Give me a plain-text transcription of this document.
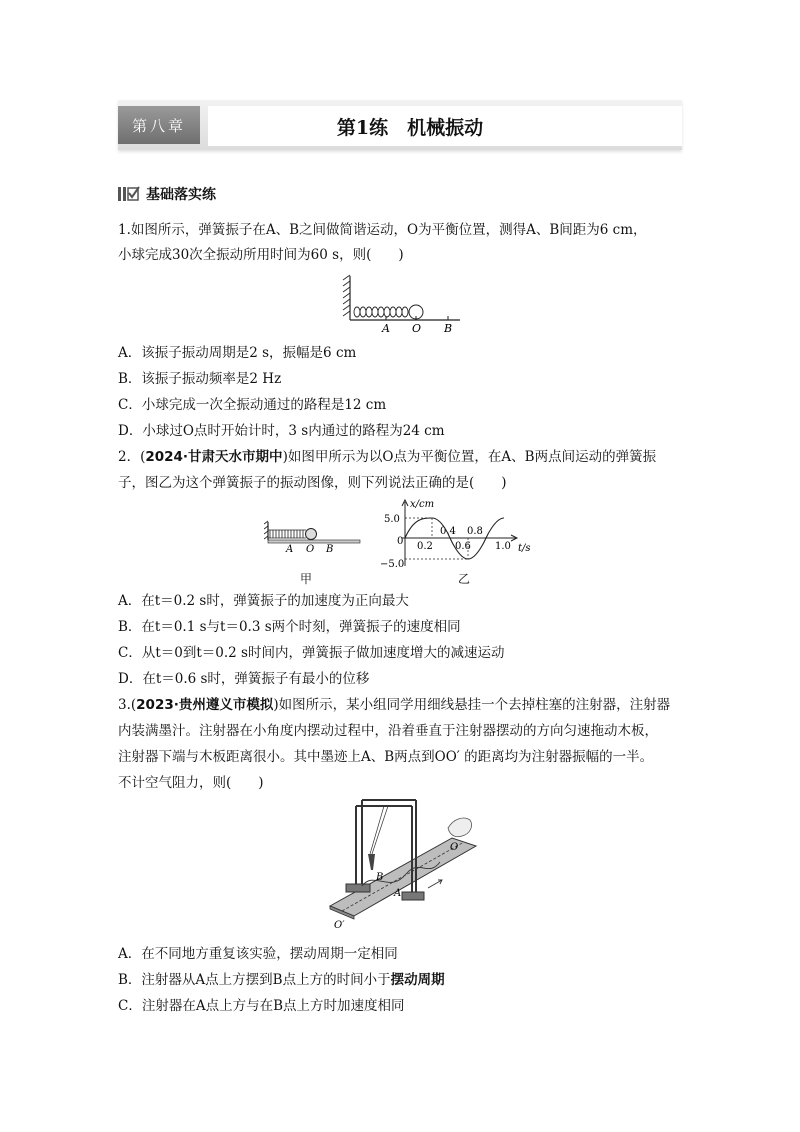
第八章	第1练　机械振动
基础落实练
1.如图所示，弹簧振子在A、B之间做简谐运动，O为平衡位置，测得A、B间距为6 cm，
小球完成30次全振动所用时间为60 s，则(　　)
A O B
A．该振子振动周期是2 s，振幅是6 cm
B．该振子振动频率是2 Hz
C．小球完成一次全振动通过的路程是12 cm
D．小球过O点时开始计时，3 s内通过的路程为24 cm
2．(2024·甘肃天水市期中)如图甲所示为以O点为平衡位置，在A、B两点间运动的弹簧振
子，图乙为这个弹簧振子的振动图像，则下列说法正确的是(　　)
A O B
甲
x/cm
t/s
5.0
−5.0
0 0.2
0.4
0.6
0.8
1.0
乙
A．在t＝0.2 s时，弹簧振子的加速度为正向最大
B．在t＝0.1 s与t＝0.3 s两个时刻，弹簧振子的速度相同
C．从t＝0到t＝0.2 s时间内，弹簧振子做加速度增大的减速运动
D．在t＝0.6 s时，弹簧振子有最小的位移
3.(2023·贵州遵义市模拟)如图所示，某小组同学用细线悬挂一个去掉柱塞的注射器，注射器
内装满墨汁。注射器在小角度内摆动过程中，沿着垂直于注射器摆动的方向匀速拖动木板，
注射器下端与木板距离很小。其中墨迹上A、B两点到OO′ 的距离均为注射器振幅的一半。
不计空气阻力，则(　　)
O
O′
B
A
A．在不同地方重复该实验，摆动周期一定相同
B．注射器从A点上方摆到B点上方的时间小于摆动周期
C．注射器在A点上方与在B点上方时加速度相同
